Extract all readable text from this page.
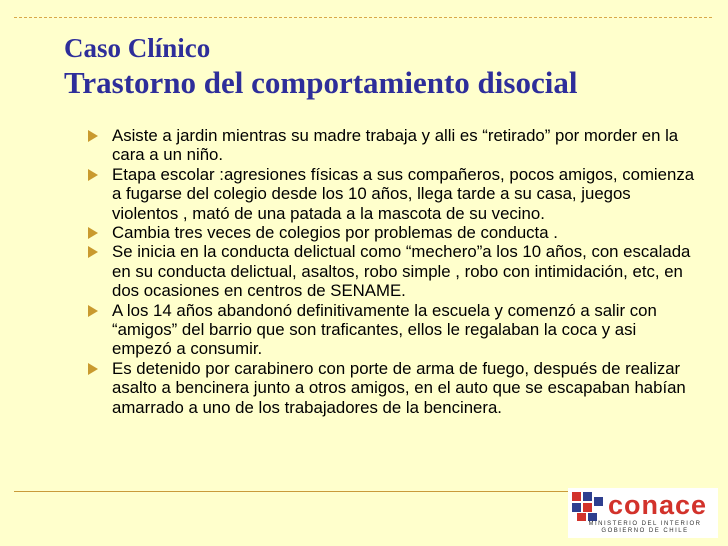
Caso Clínico
Trastorno del comportamiento disocial
Asiste a jardin mientras su madre trabaja y alli es “retirado” por morder en la cara a un niño.
Etapa escolar :agresiones físicas a sus compañeros, pocos amigos, comienza a fugarse del colegio desde los 10 años, llega tarde a su casa, juegos violentos , mató de una patada a la mascota de su vecino.
Cambia tres veces de colegios por problemas de conducta .
Se inicia en la conducta delictual como “mechero”a los 10 años, con escalada en su conducta delictual, asaltos, robo simple , robo con intimidación, etc, en dos ocasiones en centros de SENAME.
A los 14 años abandonó definitivamente la escuela y comenzó a salir con “amigos” del barrio que son traficantes, ellos le regalaban la coca y asi empezó a consumir.
Es detenido por carabinero con porte de arma de fuego, después de realizar asalto a bencinera junto a otros amigos, en el auto que se escapaban habían amarrado a uno de los trabajadores de la bencinera.
conace
MINISTERIO DEL INTERIOR
GOBIERNO DE CHILE
